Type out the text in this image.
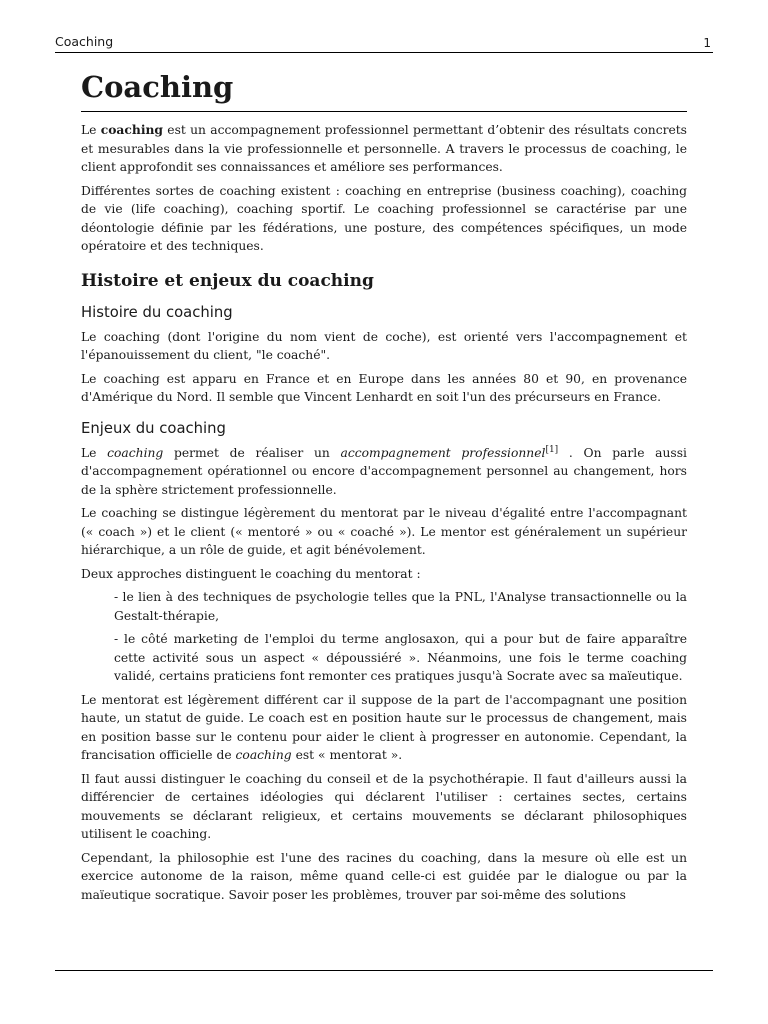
Coaching	1
Coaching

Le coaching est un accompagnement professionnel permettant d’obtenir des résultats concrets et mesurables dans la vie professionnelle et personnelle. A travers le processus de coaching, le client approfondit ses connaissances et améliore ses performances.

Différentes sortes de coaching existent : coaching en entreprise (business coaching), coaching de vie (life coaching), coaching sportif. Le coaching professionnel se caractérise par une déontologie définie par les fédérations, une posture, des compétences spécifiques, un mode opératoire et des techniques.

Histoire et enjeux du coaching
Histoire du coaching

Le coaching (dont l'origine du nom vient de coche), est orienté vers l'accompagnement et l'épanouissement du client, "le coaché".

Le coaching est apparu en France et en Europe dans les années 80 et 90, en provenance d'Amérique du Nord. Il semble que Vincent Lenhardt en soit l'un des précurseurs en France.

Enjeux du coaching

Le coaching permet de réaliser un accompagnement professionnel[1] . On parle aussi d'accompagnement opérationnel ou encore d'accompagnement personnel au changement, hors de la sphère strictement professionnelle.

Le coaching se distingue légèrement du mentorat par le niveau d'égalité entre l'accompagnant (« coach ») et le client (« mentoré » ou « coaché »). Le mentor est généralement un supérieur hiérarchique, a un rôle de guide, et agit bénévolement.

Deux approches distinguent le coaching du mentorat :

- le lien à des techniques de psychologie telles que la PNL, l'Analyse transactionnelle ou la Gestalt-thérapie,

- le côté marketing de l'emploi du terme anglosaxon, qui a pour but de faire apparaître cette activité sous un aspect « dépoussiéré ». Néanmoins, une fois le terme coaching validé, certains praticiens font remonter ces pratiques jusqu'à Socrate avec sa maïeutique.

Le mentorat est légèrement différent car il suppose de la part de l'accompagnant une position haute, un statut de guide. Le coach est en position haute sur le processus de changement, mais en position basse sur le contenu pour aider le client à progresser en autonomie. Cependant, la francisation officielle de coaching est « mentorat ».

Il faut aussi distinguer le coaching du conseil et de la psychothérapie. Il faut d'ailleurs aussi la différencier de certaines idéologies qui déclarent l'utiliser : certaines sectes, certains mouvements se déclarant religieux, et certains mouvements se déclarant philosophiques utilisent le coaching.

Cependant, la philosophie est l'une des racines du coaching, dans la mesure où elle est un exercice autonome de la raison, même quand celle-ci est guidée par le dialogue ou par la maïeutique socratique. Savoir poser les problèmes, trouver par soi-même des solutions
